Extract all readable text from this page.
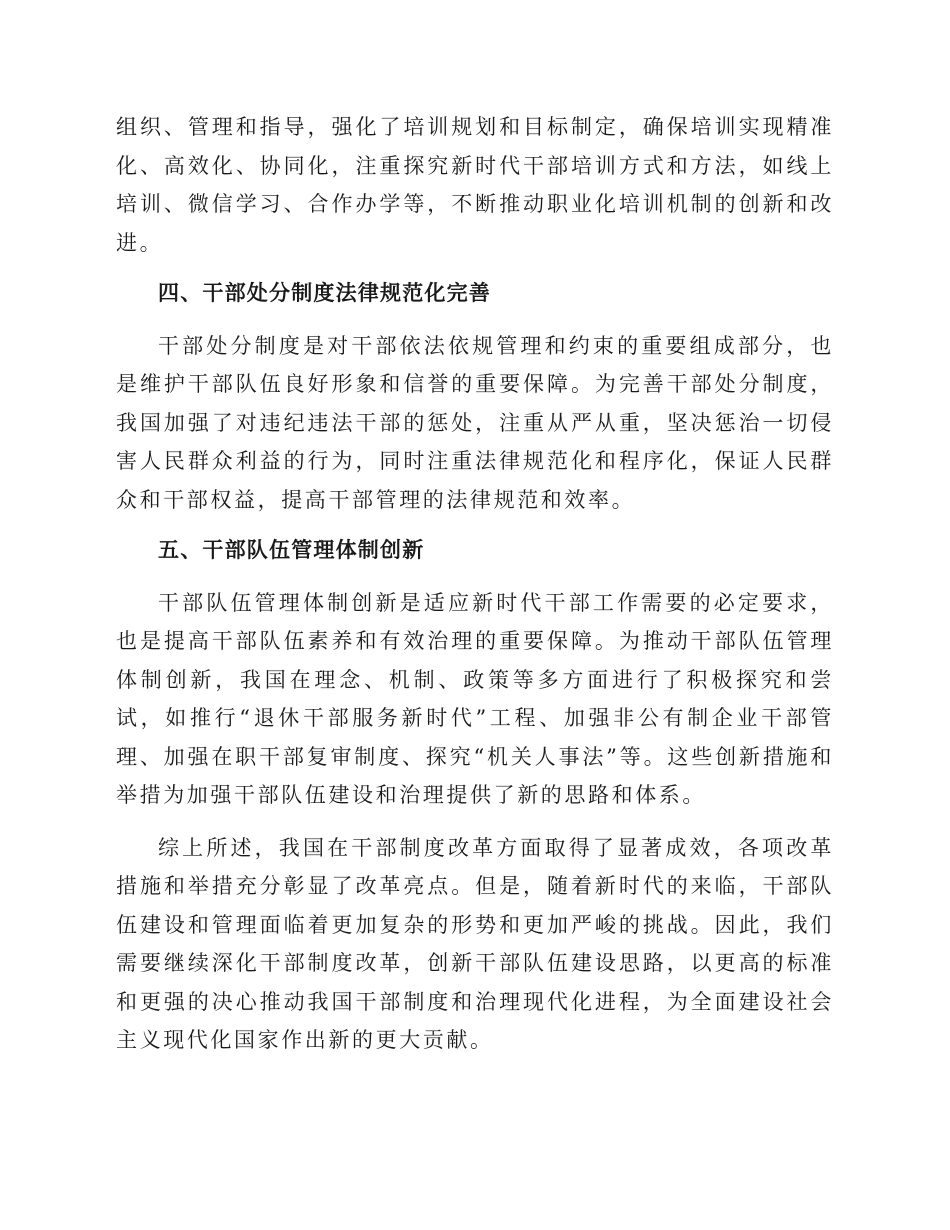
组织、管理和指导，强化了培训规划和目标制定，确保培训实现精准化、高效化、协同化，注重探究新时代干部培训方式和方法，如线上培训、微信学习、合作办学等，不断推动职业化培训机制的创新和改进。

四、干部处分制度法律规范化完善

干部处分制度是对干部依法依规管理和约束的重要组成部分，也是维护干部队伍良好形象和信誉的重要保障。为完善干部处分制度，我国加强了对违纪违法干部的惩处，注重从严从重，坚决惩治一切侵害人民群众利益的行为，同时注重法律规范化和程序化，保证人民群众和干部权益，提高干部管理的法律规范和效率。

五、干部队伍管理体制创新

干部队伍管理体制创新是适应新时代干部工作需要的必定要求，也是提高干部队伍素养和有效治理的重要保障。为推动干部队伍管理体制创新，我国在理念、机制、政策等多方面进行了积极探究和尝试，如推行“退休干部服务新时代”工程、加强非公有制企业干部管理、加强在职干部复审制度、探究“机关人事法”等。这些创新措施和举措为加强干部队伍建设和治理提供了新的思路和体系。

综上所述，我国在干部制度改革方面取得了显著成效，各项改革措施和举措充分彰显了改革亮点。但是，随着新时代的来临，干部队伍建设和管理面临着更加复杂的形势和更加严峻的挑战。因此，我们需要继续深化干部制度改革，创新干部队伍建设思路，以更高的标准和更强的决心推动我国干部制度和治理现代化进程，为全面建设社会主义现代化国家作出新的更大贡献。
